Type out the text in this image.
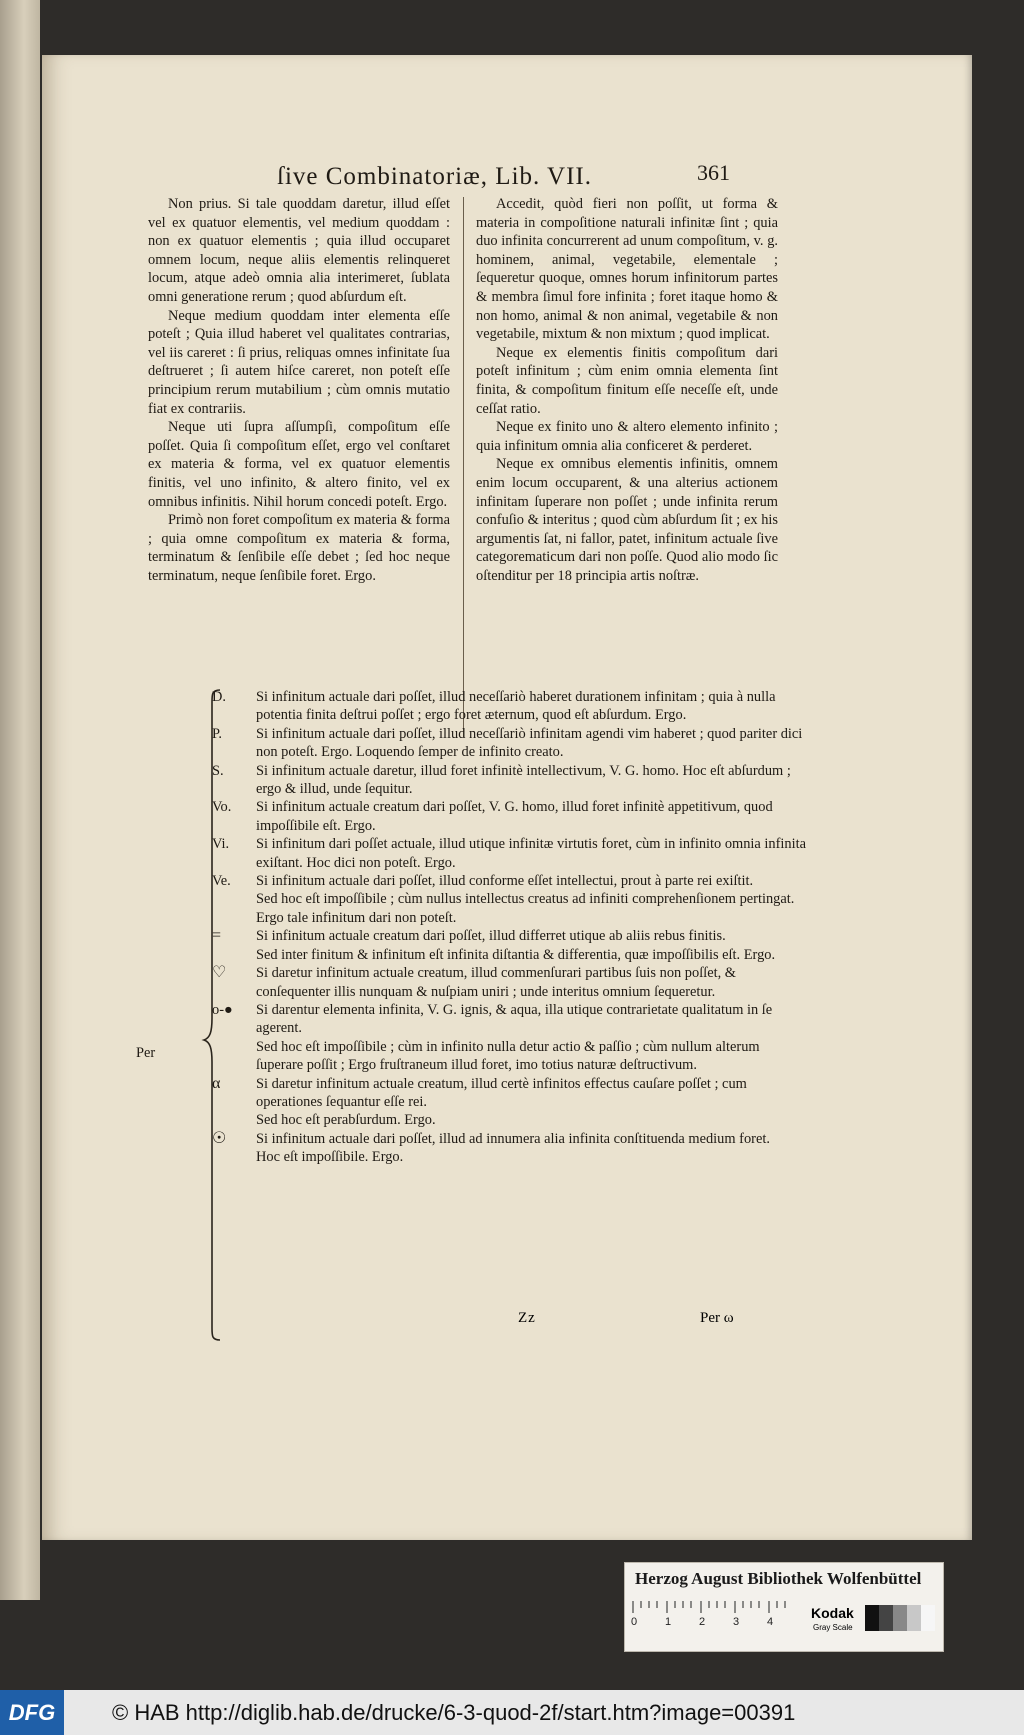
ſive Combinatoriæ, Lib. VII.	361

Non prius. Si tale quoddam daretur, illud eſſet vel ex quatuor elementis, vel medium quoddam : non ex quatuor elementis ; quia illud occuparet omnem locum, neque aliis elementis relinqueret locum, atque adeò omnia alia interimeret, ſublata omni generatione rerum ; quod abſurdum eſt.

Neque medium quoddam inter elementa eſſe poteſt ; Quia illud haberet vel qualitates contrarias, vel iis careret : ſi prius, reliquas omnes infinitate ſua deſtrueret ; ſi autem hiſce careret, non poteſt eſſe principium rerum mutabilium ; cùm omnis mutatio fiat ex contrariis.

Neque uti ſupra aſſumpſi, compoſitum eſſe poſſet. Quia ſi compoſitum eſſet, ergo vel conſtaret ex materia & forma, vel ex quatuor elementis finitis, vel uno infinito, & altero finito, vel ex omnibus infinitis. Nihil horum concedi poteſt. Ergo.

Primò non foret compoſitum ex materia & forma ; quia omne compoſitum ex materia & forma, terminatum & ſenſibile eſſe debet ; ſed hoc neque terminatum, neque ſenſibile foret. Ergo.

Accedit, quòd fieri non poſſit, ut forma & materia in compoſitione naturali infinitæ ſint ; quia duo infinita concurrerent ad unum compoſitum, v. g. hominem, animal, vegetabile, elementale ; ſequeretur quoque, omnes horum infinitorum partes & membra ſimul fore infinita ; foret itaque homo & non homo, animal & non animal, vegetabile & non vegetabile, mixtum & non mixtum ; quod implicat.

Neque ex elementis finitis compoſitum dari poteſt infinitum ; cùm enim omnia elementa ſint finita, & compoſitum finitum eſſe neceſſe eſt, unde ceſſat ratio.

Neque ex finito uno & altero elemento infinito ; quia infinitum omnia alia conficeret & perderet.

Neque ex omnibus elementis infinitis, omnem enim locum occuparent, & una alterius actionem infinitam ſuperare non poſſet ; unde infinita rerum confuſio & interitus ; quod cùm abſurdum ſit ; ex his argumentis ſat, ni fallor, patet, infinitum actuale ſive categorematicum dari non poſſe. Quod alio modo ſic oſtenditur per 18 principia artis noſtræ.

Per
D.	Si infinitum actuale dari poſſet, illud neceſſariò haberet durationem infinitam ; quia à nulla potentia finita deſtrui poſſet ; ergo foret æternum, quod eſt abſurdum. Ergo.
P.	Si infinitum actuale dari poſſet, illud neceſſariò infinitam agendi vim haberet ; quod pariter dici non poteſt. Ergo. Loquendo ſemper de infinito creato.
S.	Si infinitum actuale daretur, illud foret infinitè intellectivum, V. G. homo. Hoc eſt abſurdum ; ergo & illud, unde ſequitur.
Vo.	Si infinitum actuale creatum dari poſſet, V. G. homo, illud foret infinitè appetitivum, quod impoſſibile eſt. Ergo.
Vi.	Si infinitum dari poſſet actuale, illud utique infinitæ virtutis foret, cùm in infinito omnia infinita exiſtant. Hoc dici non poteſt. Ergo.
Ve.	Si infinitum actuale dari poſſet, illud conforme eſſet intellectui, prout à parte rei exiſtit.
Sed hoc eſt impoſſibile ; cùm nullus intellectus creatus ad infiniti comprehenſionem pertingat. Ergo tale infinitum dari non poteſt.
=	Si infinitum actuale creatum dari poſſet, illud differret utique ab aliis rebus finitis.
Sed inter finitum & infinitum eſt infinita diſtantia & differentia, quæ impoſſibilis eſt. Ergo.
♡	Si daretur infinitum actuale creatum, illud commenſurari partibus ſuis non poſſet, & conſequenter illis nunquam & nuſpiam uniri ; unde interitus omnium ſequeretur.
o-●	Si darentur elementa infinita, V. G. ignis, & aqua, illa utique contrarietate qualitatum in ſe agerent.
Sed hoc eſt impoſſibile ; cùm in infinito nulla detur actio & paſſio ; cùm nullum alterum ſuperare poſſit ; Ergo fruſtraneum illud foret, imo totius naturæ deſtructivum.
α	Si daretur infinitum actuale creatum, illud certè infinitos effectus cauſare poſſet ; cum operationes ſequantur eſſe rei.
Sed hoc eſt perabſurdum. Ergo.
☉	Si infinitum actuale dari poſſet, illud ad innumera alia infinita conſtituenda medium foret.
Hoc eſt impoſſibile. Ergo.
Zz	Per ω
Herzog August Bibliothek Wolfenbüttel
0	1	2	3	4
Kodak
Gray Scale
DFG	© HAB http://diglib.hab.de/drucke/6-3-quod-2f/start.htm?image=00391
